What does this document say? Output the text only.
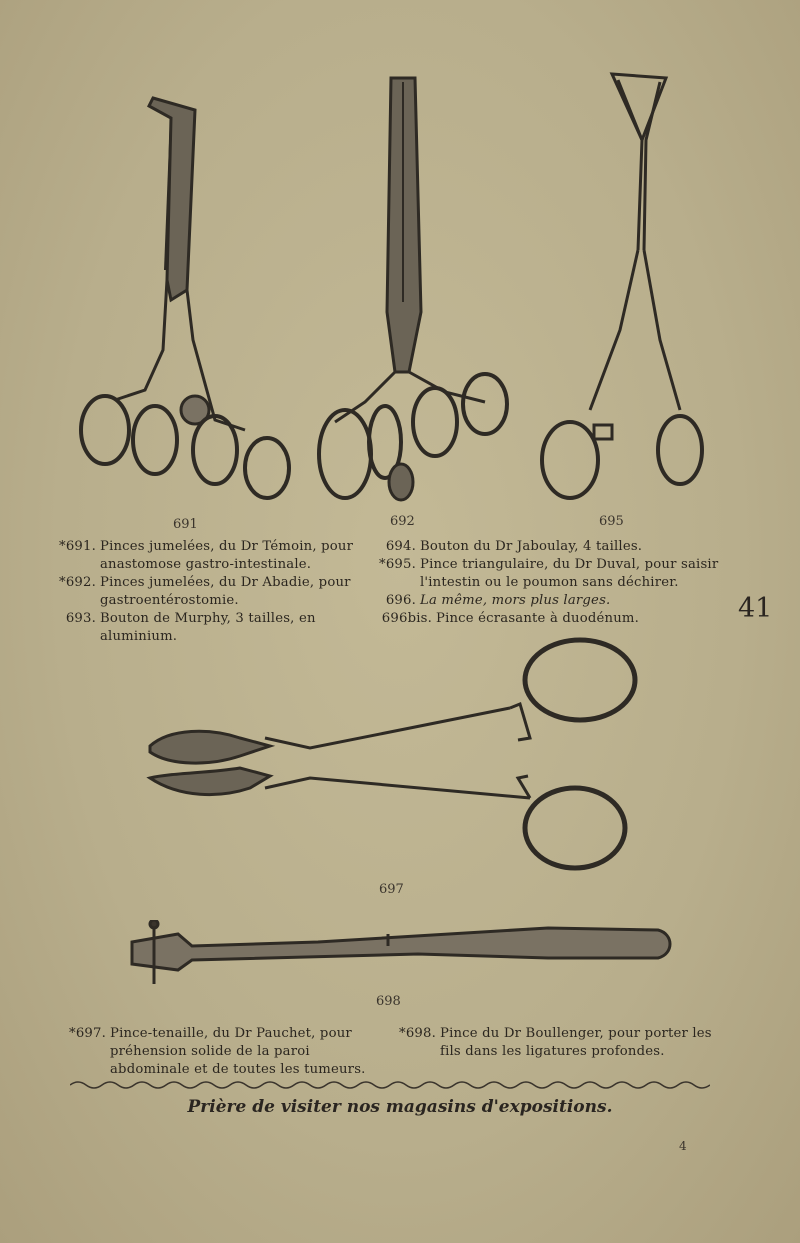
691	692	695
*691. Pinces jumelées, du Dr Témoin, pour anastomose gastro-intestinale.
*692. Pinces jumelées, du Dr Abadie, pour gastroentérostomie.
693. Bouton de Murphy, 3 tailles, en aluminium.
694. Bouton du Dr Jaboulay, 4 tailles.
*695. Pince triangulaire, du Dr Duval, pour saisir l'intestin ou le poumon sans déchirer.
696. La même, mors plus larges.
696bis. Pince écrasante à duodénum.	41
697
698
*697. Pince-tenaille, du Dr Pauchet, pour préhension solide de la paroi abdominale et de toutes les tumeurs.
*698. Pince du Dr Boullenger, pour porter les fils dans les ligatures profondes.
Prière de visiter nos magasins d'expositions.
4
